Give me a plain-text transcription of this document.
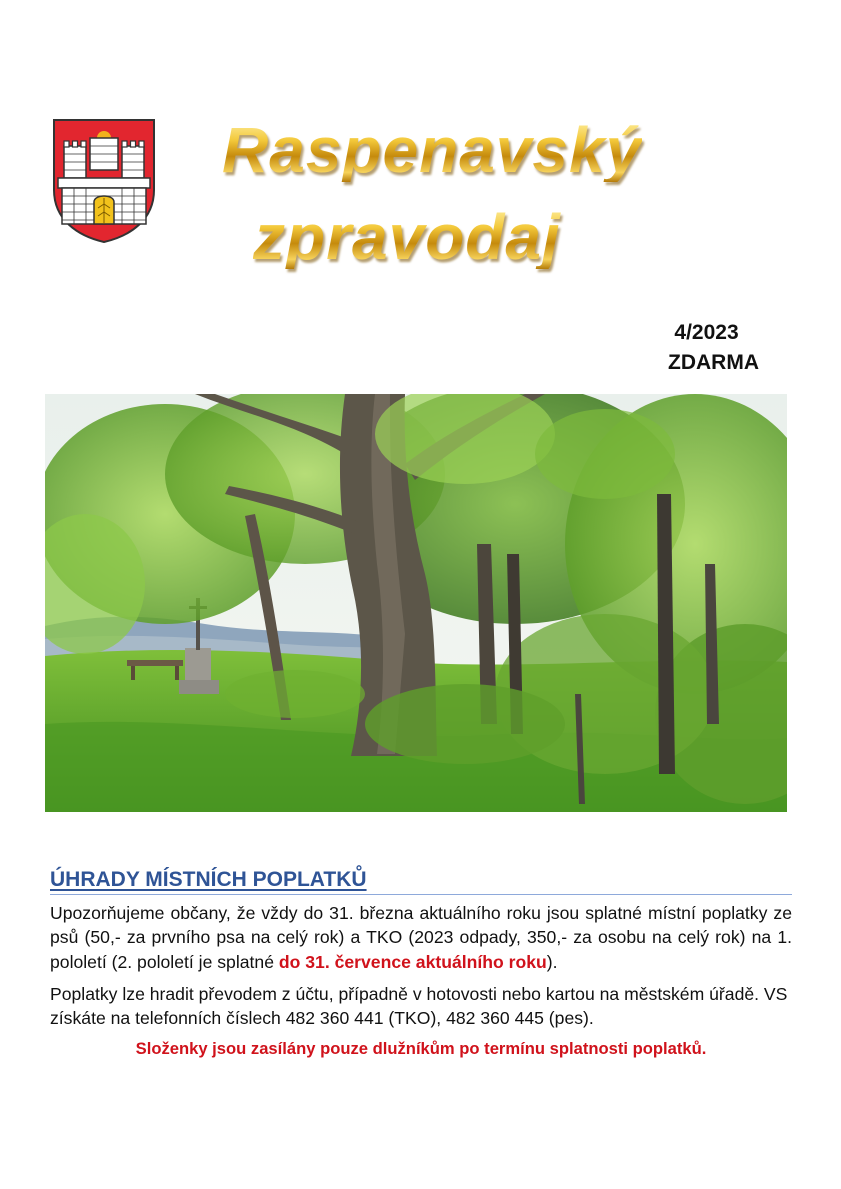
Raspenavský
zpravodaj
4/2023
ZDARMA
ÚHRADY MÍSTNÍCH POPLATKŮ

Upozorňujeme občany, že vždy do 31. března aktuálního roku jsou splatné místní poplatky ze psů (50,- za prvního psa na celý rok) a TKO (2023 odpady, 350,- za osobu na celý rok) na 1. pololetí (2. pololetí je splatné do 31. července aktuálního roku).

Poplatky lze hradit převodem z účtu, případně v hotovosti nebo kartou na městském úřadě. VS získáte na telefonních číslech 482 360 441 (TKO), 482 360 445 (pes).

Složenky jsou zasílány pouze dlužníkům po termínu splatnosti poplatků.
